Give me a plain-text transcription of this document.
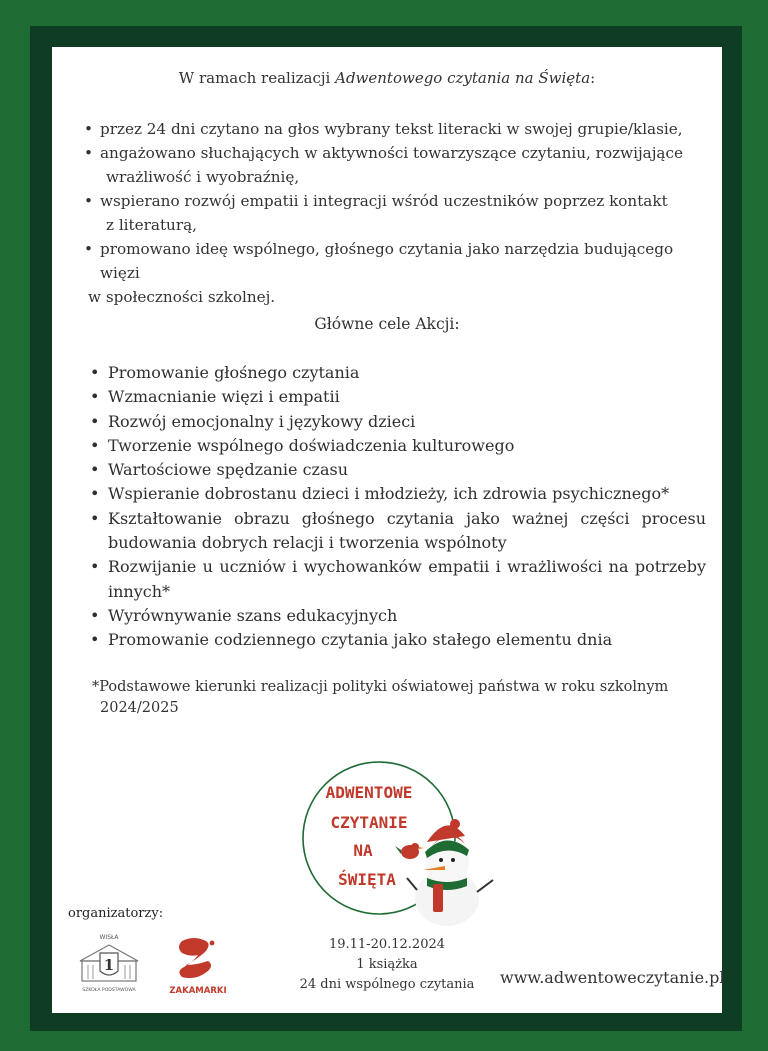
W ramach realizacji Adwentowego czytania na Święta:
• przez 24 dni czytano na głos wybrany tekst literacki w swojej grupie/klasie,
• angażowano słuchających w aktywności towarzyszące czytaniu, rozwijające
wrażliwość i wyobraźnię,
• wspierano rozwój empatii i integracji wśród uczestników poprzez kontakt
z literaturą,
• promowano ideę wspólnego, głośnego czytania jako narzędzia budującego więzi
w społeczności szkolnej.
Główne cele Akcji:
• Promowanie głośnego czytania
• Wzmacnianie więzi i empatii
• Rozwój emocjonalny i językowy dzieci
• Tworzenie wspólnego doświadczenia kulturowego
• Wartościowe spędzanie czasu
• Wspieranie dobrostanu dzieci i młodzieży, ich zdrowia psychicznego*
• Kształtowanie obrazu głośnego czytania jako ważnej części procesu budowania dobrych relacji i tworzenia wspólnoty
• Rozwijanie u uczniów i wychowanków empatii i wrażliwości na potrzeby innych*
• Wyrównywanie szans edukacyjnych
• Promowanie codziennego czytania jako stałego elementu dnia
*Podstawowe kierunki realizacji polityki oświatowej państwa w roku szkolnym
2024/2025
ADWENTOWE
CZYTANIE
NA
ŚWIĘTA
organizatorzy:
WISŁA
1
SZKOŁA PODSTAWOWA	ZAKAMARKI
19.11-20.12.2024
1 książka
24 dni wspólnego czytania	www.adwentoweczytanie.pl
